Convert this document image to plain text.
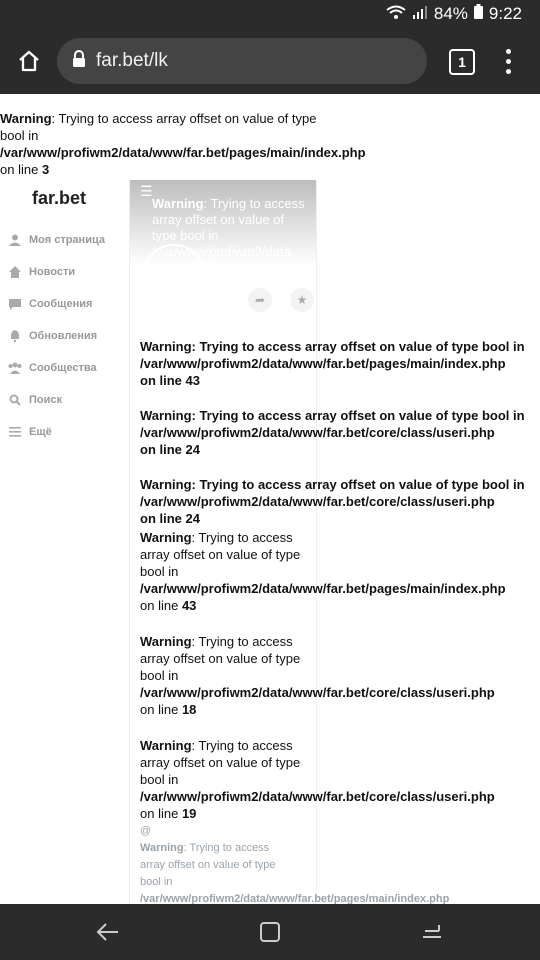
84% 9:22
far.bet/lk	1
Warning: Trying to access array offset on value of type
bool in
/var/www/profiwm2/data/www/far.bet/pages/main/index.php
on line 3
far.bet
Моя страница
Новости
Сообщения
Обновления
Сообщества
Поиск
Ещё
☰
Warning: Trying to access
array offset on value of type bool in
/var/www/profiwm2/data
➦	★
Warning: Trying to access array offset on value of type bool in
/var/www/profiwm2/data/www/far.bet/pages/main/index.php
on line 43
Warning: Trying to access array offset on value of type bool in
/var/www/profiwm2/data/www/far.bet/core/class/useri.php
on line 24
Warning: Trying to access array offset on value of type bool in
/var/www/profiwm2/data/www/far.bet/core/class/useri.php
on line 24
Warning: Trying to access
array offset on value of type
bool in
/var/www/profiwm2/data/www/far.bet/pages/main/index.php
on line 43
Warning: Trying to access
array offset on value of type
bool in
/var/www/profiwm2/data/www/far.bet/core/class/useri.php
on line 18
Warning: Trying to access
array offset on value of type
bool in
/var/www/profiwm2/data/www/far.bet/core/class/useri.php
on line 19
@
Warning: Trying to access
array offset on value of type
bool in
/var/www/profiwm2/data/www/far.bet/pages/main/index.php
